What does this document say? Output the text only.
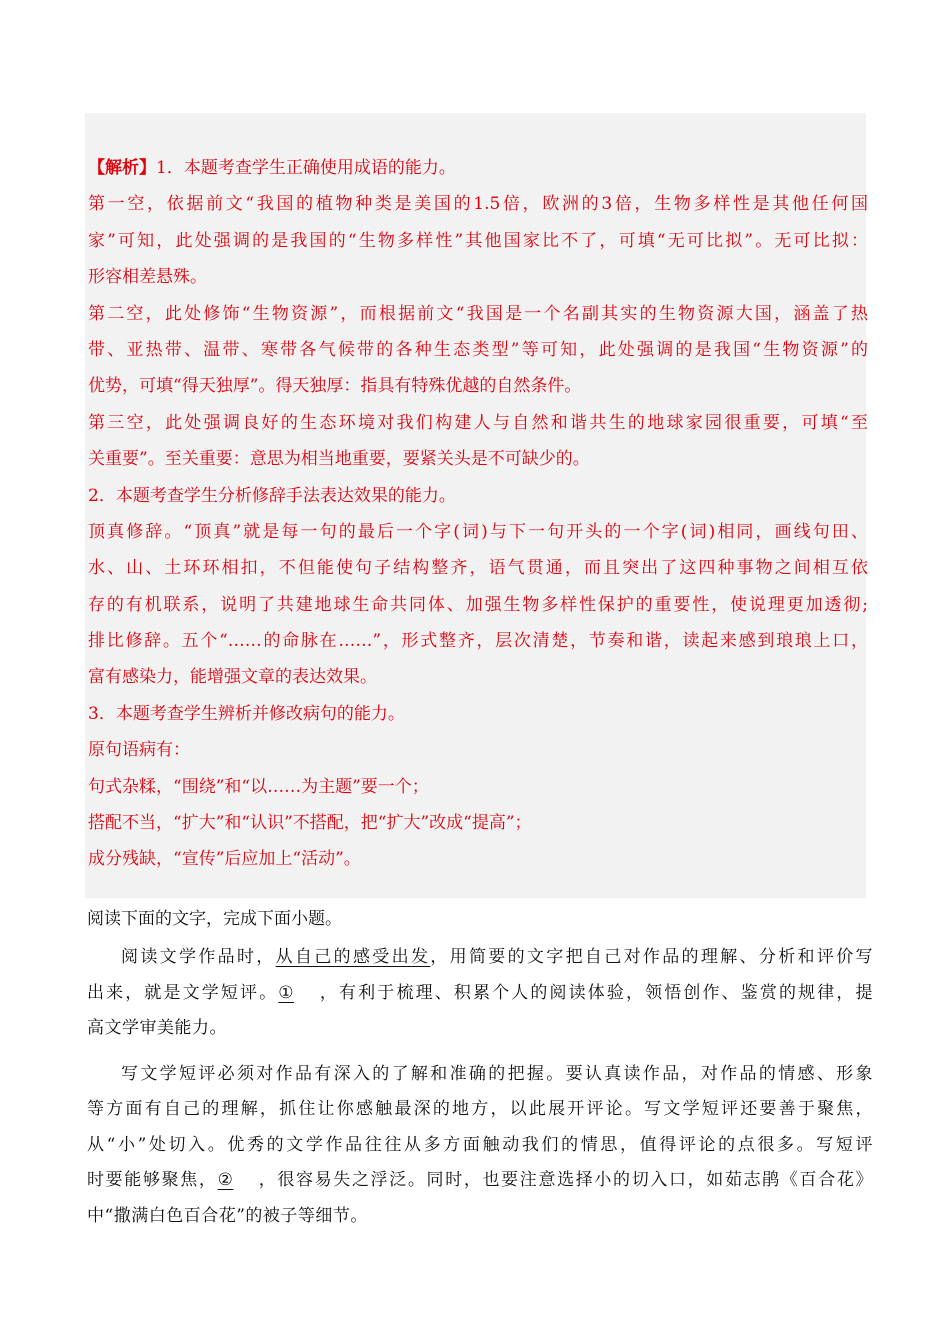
【解析】1．本题考查学生正确使用成语的能力。
第一空，依据前文“我国的植物种类是美国的1.5倍，欧洲的3倍，生物多样性是其他任何国
家”可知，此处强调的是我国的“生物多样性”其他国家比不了，可填“无可比拟”。无可比拟：
形容相差悬殊。
第二空，此处修饰“生物资源”，而根据前文“我国是一个名副其实的生物资源大国，涵盖了热
带、亚热带、温带、寒带各气候带的各种生态类型”等可知，此处强调的是我国“生物资源”的
优势，可填“得天独厚”。得天独厚：指具有特殊优越的自然条件。
第三空，此处强调良好的生态环境对我们构建人与自然和谐共生的地球家园很重要，可填“至
关重要”。至关重要：意思为相当地重要，要紧关头是不可缺少的。
2．本题考查学生分析修辞手法表达效果的能力。
顶真修辞。“顶真”就是每一句的最后一个字(词)与下一句开头的一个字(词)相同，画线句田、
水、山、土环环相扣，不但能使句子结构整齐，语气贯通，而且突出了这四种事物之间相互依
存的有机联系，说明了共建地球生命共同体、加强生物多样性保护的重要性，使说理更加透彻;
排比修辞。五个“……的命脉在……”，形式整齐，层次清楚，节奏和谐，读起来感到琅琅上口，
富有感染力，能增强文章的表达效果。
3．本题考查学生辨析并修改病句的能力。
原句语病有：
句式杂糅，“围绕”和“以……为主题”要一个；
搭配不当，“扩大”和“认识”不搭配，把“扩大”改成“提高”；
成分残缺，“宣传”后应加上“活动”。
阅读下面的文字，完成下面小题。
阅读文学作品时，从自己的感受出发，用简要的文字把自己对作品的理解、分析和评价写
出来，就是文学短评。① ，有利于梳理、积累个人的阅读体验，领悟创作、鉴赏的规律，提
高文学审美能力。
写文学短评必须对作品有深入的了解和准确的把握。要认真读作品，对作品的情感、形象
等方面有自己的理解，抓住让你感触最深的地方，以此展开评论。写文学短评还要善于聚焦，
从“小”处切入。优秀的文学作品往往从多方面触动我们的情思，值得评论的点很多。写短评
时要能够聚焦，② ，很容易失之浮泛。同时，也要注意选择小的切入口，如茹志鹃《百合花》
中“撒满白色百合花”的被子等细节。
